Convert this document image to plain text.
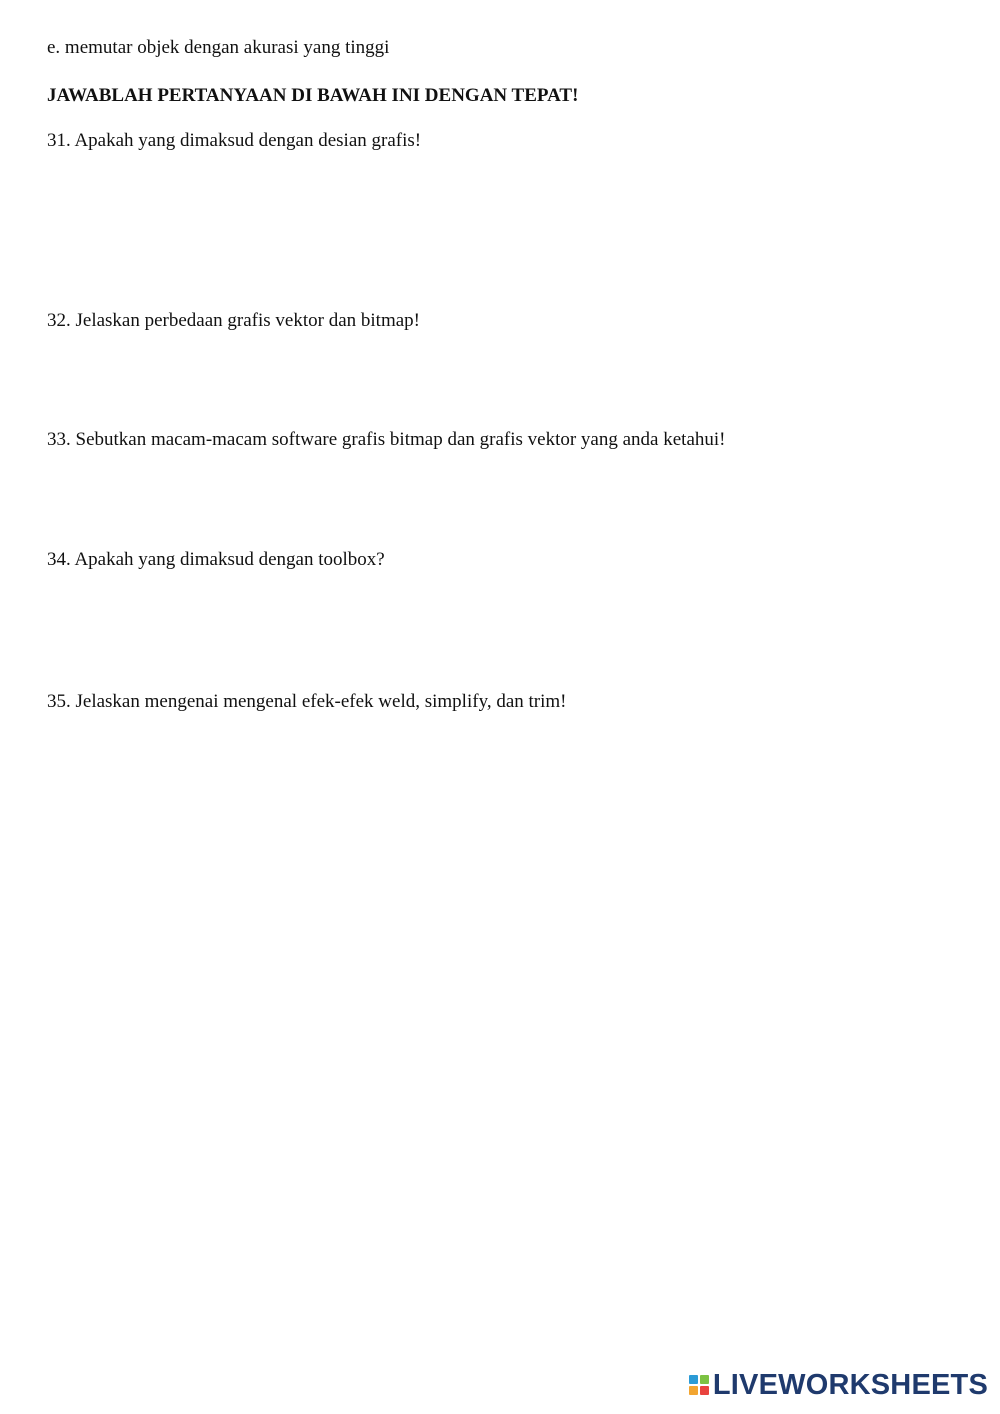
e. memutar objek dengan akurasi yang tinggi

JAWABLAH PERTANYAAN DI BAWAH INI DENGAN TEPAT!

31. Apakah yang dimaksud dengan desian grafis!

32. Jelaskan perbedaan grafis vektor dan bitmap!

33. Sebutkan macam-macam software grafis bitmap dan grafis vektor yang anda ketahui!

34. Apakah yang dimaksud dengan toolbox?

35. Jelaskan mengenai mengenal efek-efek weld, simplify, dan trim!

LIVEWORKSHEETS
